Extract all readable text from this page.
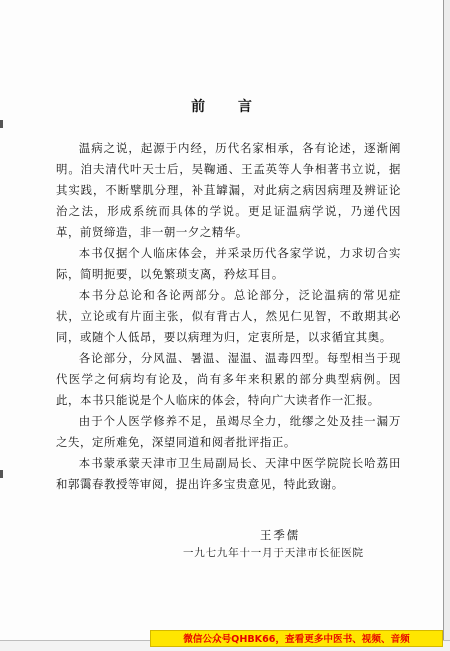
前 言

温病之说，起源于内经，历代名家相承，各有论述，逐渐阐明。洎夫清代叶天士后，吴鞠通、王孟英等人争相著书立说，据其实践，不断擘肌分理，补苴罅漏，对此病之病因病理及辨证论治之法，形成系统而具体的学说。更足证温病学说，乃递代因革，前贤缔造，非一朝一夕之精华。

本书仅据个人临床体会，并采录历代各家学说，力求切合实际，简明扼要，以免繁琐支离，矜炫耳目。

本书分总论和各论两部分。总论部分，泛论温病的常见症状，立论或有片面主张，似有背古人，然见仁见智，不敢期其必同，或随个人低昂，要以病理为归，定衷所是，以求循宜其奥。

各论部分，分风温、暑温、湿温、温毒四型。每型相当于现代医学之何病均有论及，尚有多年来积累的部分典型病例。因此，本书只能说是个人临床的体会，特向广大读者作一汇报。

由于个人医学修养不足，虽竭尽全力，纰缪之处及挂一漏万之失，定所难免，深望同道和阅者批评指正。

本书蒙承蒙天津市卫生局副局长、天津中医学院院长哈荔田和郭霭春教授等审阅，提出许多宝贵意见，特此致谢。

王季儒
一九七九年十一月于天津市长征医院
微信公众号QHBK66，查看更多中医书、视频、音频
